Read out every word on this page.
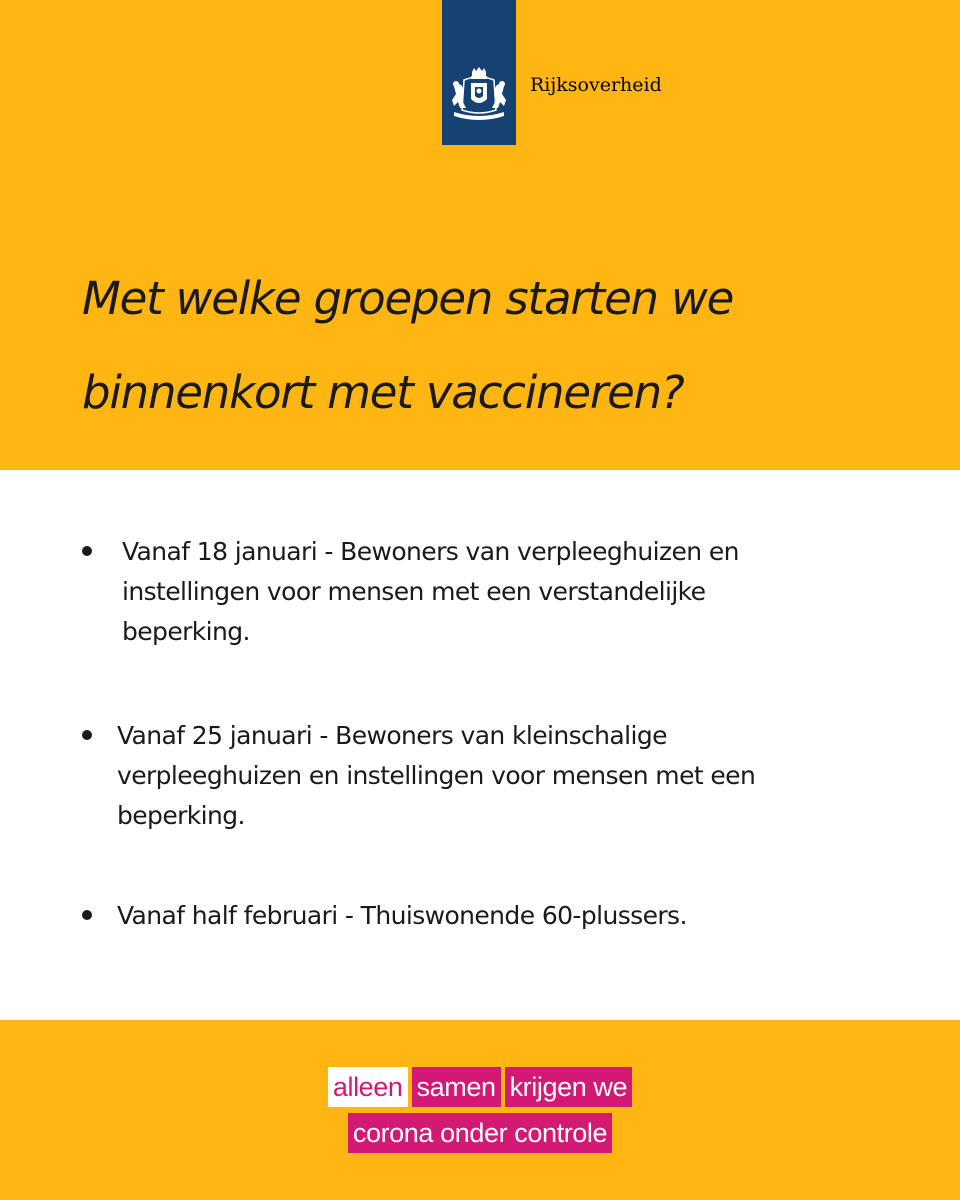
Rijksoverheid
Met welke groepen starten we
binnenkort met vaccineren?
Vanaf 18 januari - Bewoners van verpleeghuizen en instellingen voor mensen met een verstandelijke beperking.
Vanaf 25 januari - Bewoners van kleinschalige verpleeghuizen en instellingen voor mensen met een beperking.
Vanaf half februari - Thuiswonende 60-plussers.
alleen samen krijgen we
corona onder controle
